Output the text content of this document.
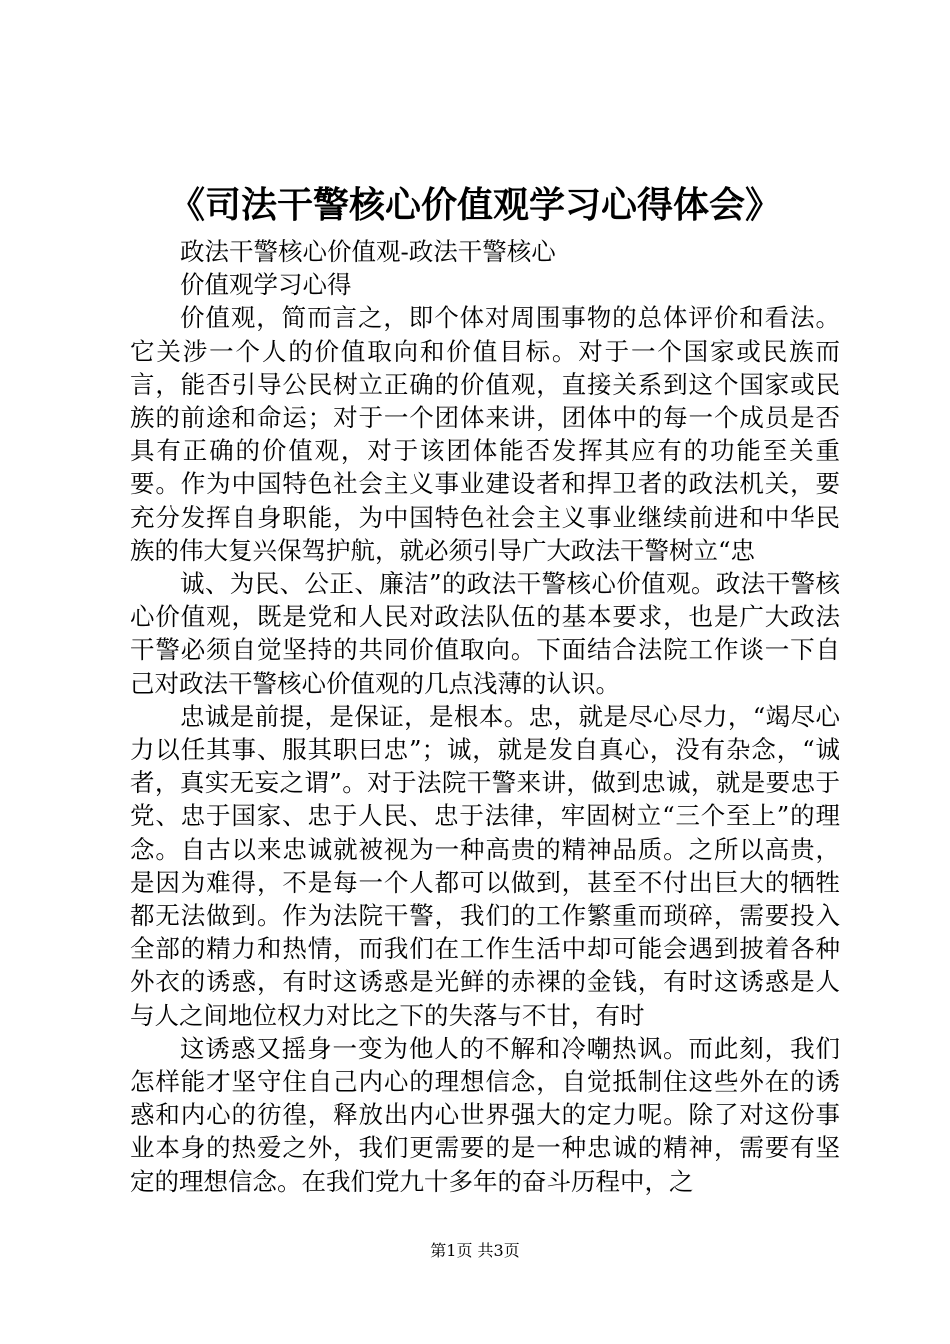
《司法干警核心价值观学习心得体会》

政法干警核心价值观-政法干警核心

价值观学习心得

价值观，简而言之，即个体对周围事物的总体评价和看法。它关涉一个人的价值取向和价值目标。对于一个国家或民族而言，能否引导公民树立正确的价值观，直接关系到这个国家或民族的前途和命运；对于一个团体来讲，团体中的每一个成员是否具有正确的价值观，对于该团体能否发挥其应有的功能至关重要。作为中国特色社会主义事业建设者和捍卫者的政法机关，要充分发挥自身职能，为中国特色社会主义事业继续前进和中华民族的伟大复兴保驾护航，就必须引导广大政法干警树立“忠

诚、为民、公正、廉洁”的政法干警核心价值观。政法干警核心价值观，既是党和人民对政法队伍的基本要求，也是广大政法干警必须自觉坚持的共同价值取向。下面结合法院工作谈一下自己对政法干警核心价值观的几点浅薄的认识。

忠诚是前提，是保证，是根本。忠，就是尽心尽力，“竭尽心力以任其事、服其职曰忠”；诚，就是发自真心，没有杂念，“诚者，真实无妄之谓”。对于法院干警来讲，做到忠诚，就是要忠于党、忠于国家、忠于人民、忠于法律，牢固树立“三个至上”的理念。自古以来忠诚就被视为一种高贵的精神品质。之所以高贵，是因为难得，不是每一个人都可以做到，甚至不付出巨大的牺牲都无法做到。作为法院干警，我们的工作繁重而琐碎，需要投入全部的精力和热情，而我们在工作生活中却可能会遇到披着各种外衣的诱惑，有时这诱惑是光鲜的赤裸的金钱，有时这诱惑是人与人之间地位权力对比之下的失落与不甘，有时

这诱惑又摇身一变为他人的不解和冷嘲热讽。而此刻，我们怎样能才坚守住自己内心的理想信念，自觉抵制住这些外在的诱惑和内心的彷徨，释放出内心世界强大的定力呢。除了对这份事业本身的热爱之外，我们更需要的是一种忠诚的精神，需要有坚定的理想信念。在我们党九十多年的奋斗历程中，之

第1页 共3页
